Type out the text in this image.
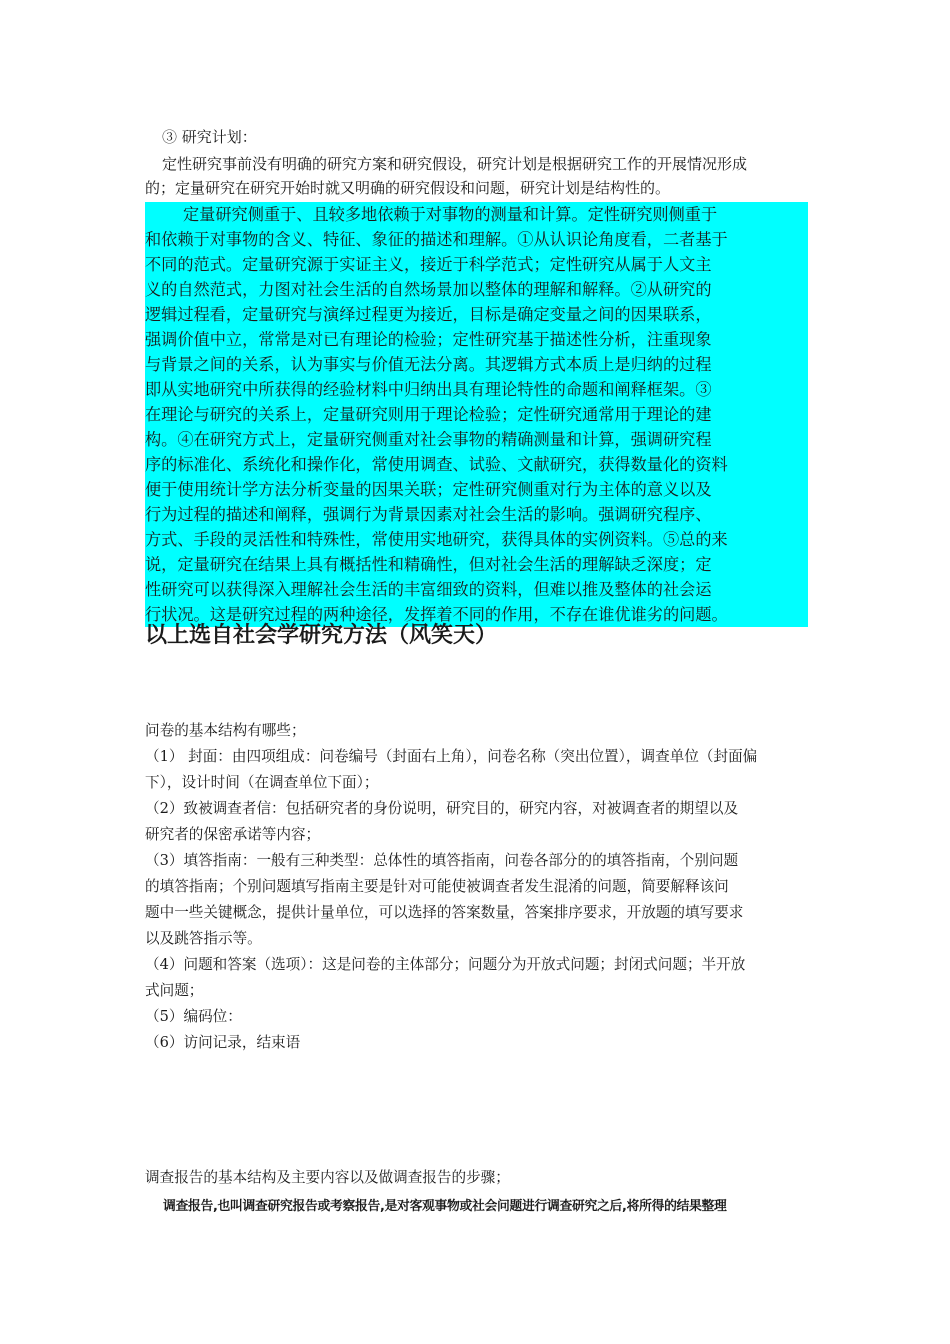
③ 研究计划：
定性研究事前没有明确的研究方案和研究假设，研究计划是根据研究工作的开展情况形成
的；定量研究在研究开始时就又明确的研究假设和问题，研究计划是结构性的。
定量研究侧重于、且较多地依赖于对事物的测量和计算。定性研究则侧重于
和依赖于对事物的含义、特征、象征的描述和理解。①从认识论角度看，二者基于
不同的范式。定量研究源于实证主义，接近于科学范式；定性研究从属于人文主
义的自然范式，力图对社会生活的自然场景加以整体的理解和解释。②从研究的
逻辑过程看，定量研究与演绎过程更为接近，目标是确定变量之间的因果联系，
强调价值中立，常常是对已有理论的检验；定性研究基于描述性分析，注重现象
与背景之间的关系，认为事实与价值无法分离。其逻辑方式本质上是归纳的过程
即从实地研究中所获得的经验材料中归纳出具有理论特性的命题和阐释框架。③
在理论与研究的关系上，定量研究则用于理论检验；定性研究通常用于理论的建
构。④在研究方式上，定量研究侧重对社会事物的精确测量和计算，强调研究程
序的标准化、系统化和操作化，常使用调查、试验、文献研究，获得数量化的资料
便于使用统计学方法分析变量的因果关联；定性研究侧重对行为主体的意义以及
行为过程的描述和阐释，强调行为背景因素对社会生活的影响。强调研究程序、
方式、手段的灵活性和特殊性，常使用实地研究，获得具体的实例资料。⑤总的来
说，定量研究在结果上具有概括性和精确性，但对社会生活的理解缺乏深度；定
性研究可以获得深入理解社会生活的丰富细致的资料，但难以推及整体的社会运
行状况。这是研究过程的两种途径，发挥着不同的作用，不存在谁优谁劣的问题。
以上选自社会学研究方法（风笑天）
问卷的基本结构有哪些；
（1） 封面：由四项组成：问卷编号（封面右上角），问卷名称（突出位置），调查单位（封面偏
下），设计时间（在调查单位下面）；
（2）致被调查者信：包括研究者的身份说明，研究目的，研究内容，对被调查者的期望以及
研究者的保密承诺等内容；
（3）填答指南：一般有三种类型：总体性的填答指南，问卷各部分的的填答指南，个别问题
的填答指南；个别问题填写指南主要是针对可能使被调查者发生混淆的问题，简要解释该问
题中一些关键概念，提供计量单位，可以选择的答案数量，答案排序要求，开放题的填写要求
以及跳答指示等。
（4）问题和答案（选项）：这是问卷的主体部分；问题分为开放式问题；封闭式问题；半开放
式问题；
（5）编码位：
（6）访问记录，结束语
调查报告的基本结构及主要内容以及做调查报告的步骤；
调查报告,也叫调查研究报告或考察报告,是对客观事物或社会问题进行调查研究之后,将所得的结果整理
